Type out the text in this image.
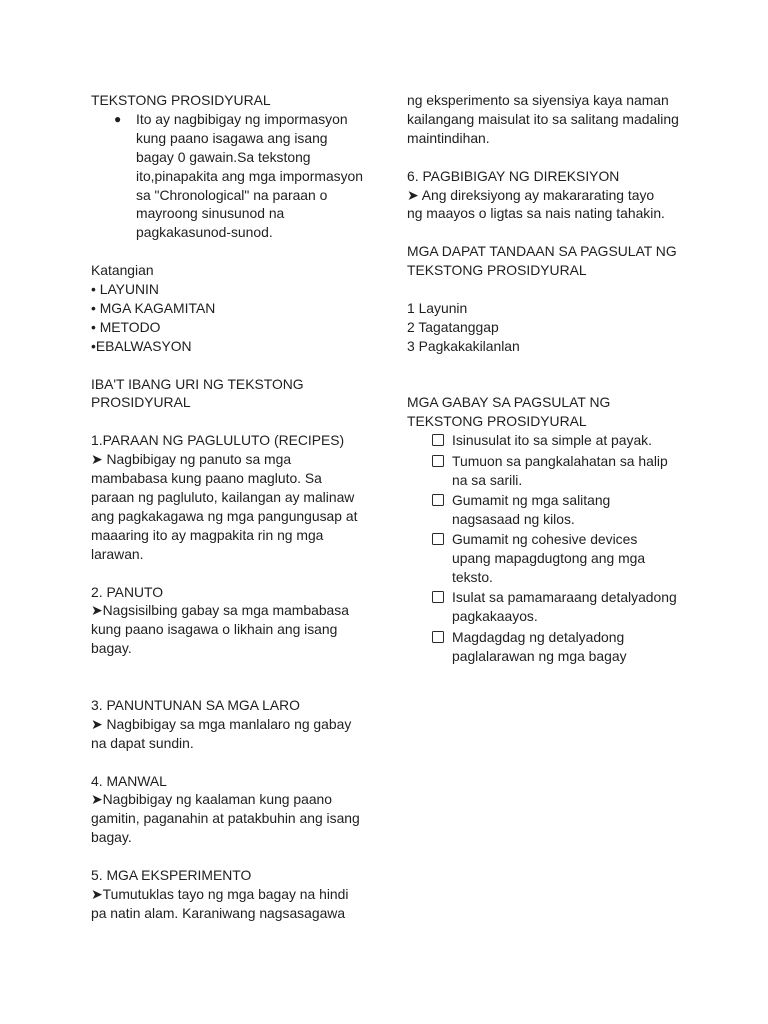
TEKSTONG PROSIDYURAL

● Ito ay nagbibigay ng impormasyon
kung paano isagawa ang isang
bagay 0 gawain.Sa tekstong
ito,pinapakita ang mga impormasyon
sa "Chronological" na paraan o
mayroong sinusunod na
pagkakasunod-sunod.

Katangian

• LAYUNIN

• MGA KAGAMITAN

• METODO

•EBALWASYON

IBA'T IBANG URI NG TEKSTONG
PROSIDYURAL

1.PARAAN NG PAGLULUTO (RECIPES)

➤ Nagbibigay ng panuto sa mga
mambabasa kung paano magluto. Sa
paraan ng pagluluto, kailangan ay malinaw
ang pagkakagawa ng mga pangungusap at
maaaring ito ay magpakita rin ng mga
larawan.

2. PANUTO

➤Nagsisilbing gabay sa mga mambabasa
kung paano isagawa o likhain ang isang
bagay.

3. PANUNTUNAN SA MGA LARO

➤ Nagbibigay sa mga manlalaro ng gabay
na dapat sundin.

4. MANWAL

➤Nagbibigay ng kaalaman kung paano
gamitin, paganahin at patakbuhin ang isang
bagay.

5. MGA EKSPERIMENTO

➤Tumutuklas tayo ng mga bagay na hindi
pa natin alam. Karaniwang nagsasagawa

ng eksperimento sa siyensiya kaya naman
kailangang maisulat ito sa salitang madaling
maintindihan.

6. PAGBIBIGAY NG DIREKSIYON

➤ Ang direksiyong ay makararating tayo
ng maayos o ligtas sa nais nating tahakin.

MGA DAPAT TANDAAN SA PAGSULAT NG
TEKSTONG PROSIDYURAL

1 Layunin

2 Tagatanggap

3 Pagkakakilanlan

MGA GABAY SA PAGSULAT NG
TEKSTONG PROSIDYURAL

Isinusulat ito sa simple at payak.

Tumuon sa pangkalahatan sa halip
na sa sarili.

Gumamit ng mga salitang
nagsasaad ng kilos.

Gumamit ng cohesive devices
upang mapagdugtong ang mga
teksto.

Isulat sa pamamaraang detalyadong
pagkakaayos.

Magdagdag ng detalyadong
paglalarawan ng mga bagay
